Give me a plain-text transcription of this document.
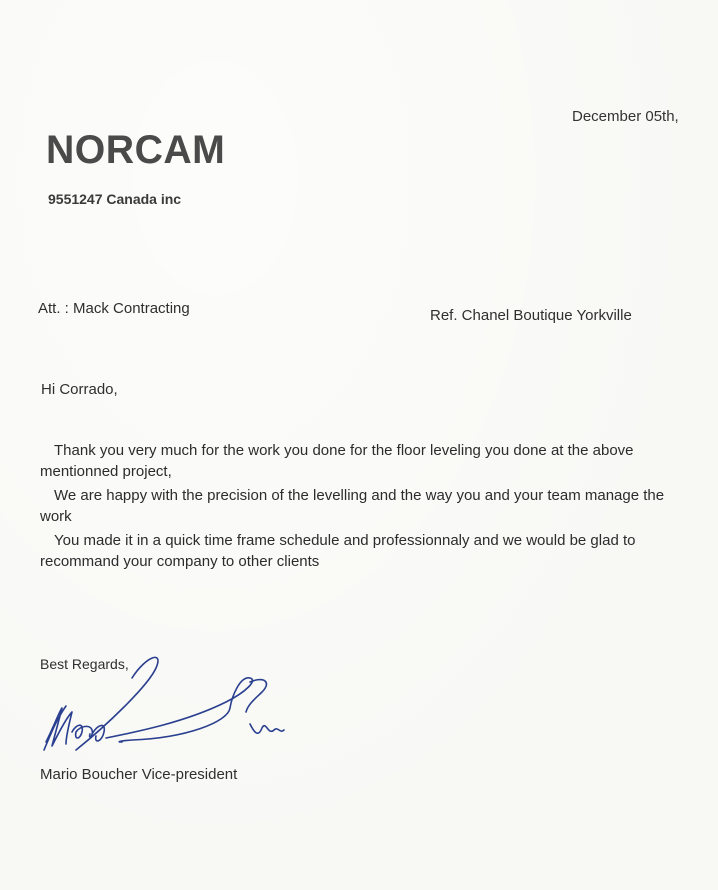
December 05th,
NORCAM
9551247 Canada inc
Att. : Mack Contracting	Ref. Chanel Boutique Yorkville
Hi Corrado,

Thank you very much for the work you done for the floor leveling you done at the above mentionned project,

We are happy with the precision of the levelling and the way you and your team manage the work

You made it in a quick time frame schedule and professionnaly and we would be glad to recommand your company to other clients

Best Regards,
Mario Boucher Vice-president
